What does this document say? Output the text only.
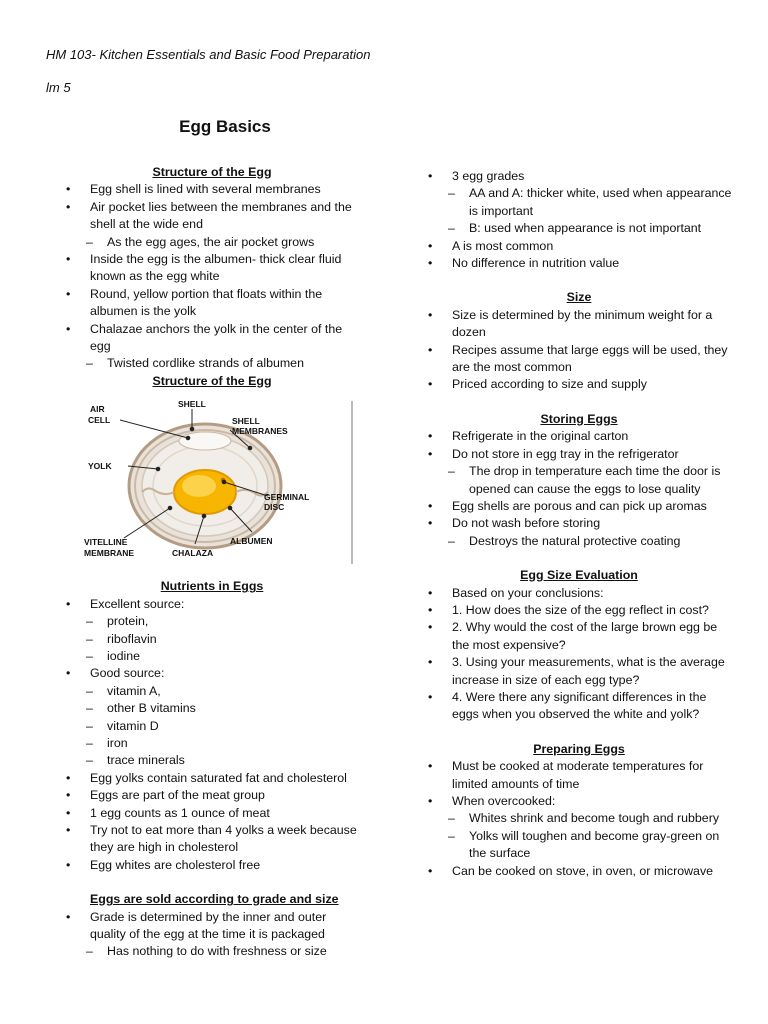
HM 103- Kitchen Essentials and Basic Food Preparation
lm 5
Egg Basics

Structure of the Egg

• Egg shell is lined with several membranes
• Air pocket lies between the membranes and the shell at the wide end
– As the egg ages, the air pocket grows
• Inside the egg is the albumen- thick clear fluid known as the egg white
• Round, yellow portion that floats within the albumen is the yolk
• Chalazae anchors the yolk in the center of the egg
– Twisted cordlike strands of albumen

Structure of the Egg

SHELL
AIR
CELL	SHELL
MEMBRANES
YOLK
GERMINAL
DISC
VITELLINE
MEMBRANE	CHALAZA
ALBUMEN

Nutrients in Eggs

• Excellent source:
– protein,
– riboflavin
– iodine
• Good source:
– vitamin A,
– other B vitamins
– vitamin D
– iron
– trace minerals
• Egg yolks contain saturated fat and cholesterol
• Eggs are part of the meat group
• 1 egg counts as 1 ounce of meat
• Try not to eat more than 4 yolks a week because they are high in cholesterol
• Egg whites are cholesterol free

Eggs are sold according to grade and size

• Grade is determined by the inner and outer quality of the egg at the time it is packaged
– Has nothing to do with freshness or size
• 3 egg grades
– AA and A: thicker white, used when appearance is important
– B: used when appearance is not important
• A is most common
• No difference in nutrition value

Size

• Size is determined by the minimum weight for a dozen
• Recipes assume that large eggs will be used, they are the most common
• Priced according to size and supply

Storing Eggs

• Refrigerate in the original carton
• Do not store in egg tray in the refrigerator
– The drop in temperature each time the door is opened can cause the eggs to lose quality
• Egg shells are porous and can pick up aromas
• Do not wash before storing
– Destroys the natural protective coating

Egg Size Evaluation

• Based on your conclusions:
• 1. How does the size of the egg reflect in cost?
• 2. Why would the cost of the large brown egg be the most expensive?
• 3. Using your measurements, what is the average increase in size of each egg type?
• 4. Were there any significant differences in the eggs when you observed the white and yolk?

Preparing Eggs

• Must be cooked at moderate temperatures for limited amounts of time
• When overcooked:
– Whites shrink and become tough and rubbery
– Yolks will toughen and become gray-green on the surface
• Can be cooked on stove, in oven, or microwave
